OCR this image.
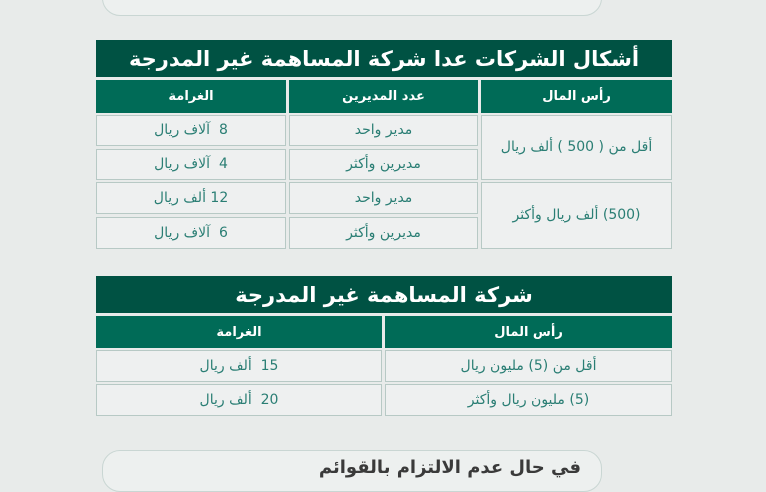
أشكال الشركات عدا شركة المساهمة غير المدرجة
رأس المال
عدد المديرين
الغرامة
أقل من ( 500 ) ألف ريال
(500) ألف ريال وأكثر
مدير واحد
مديرين وأكثر
مدير واحد
مديرين وأكثر
8  آلاف ريال
4  آلاف ريال
12 ألف ريال
6  آلاف ريال
شركة المساهمة غير المدرجة
رأس المال
الغرامة
أقل من (5) مليون ريال
(5) مليون ريال وأكثر
15  ألف ريال
20  ألف ريال
في حال عدم الالتزام بالقوائم
